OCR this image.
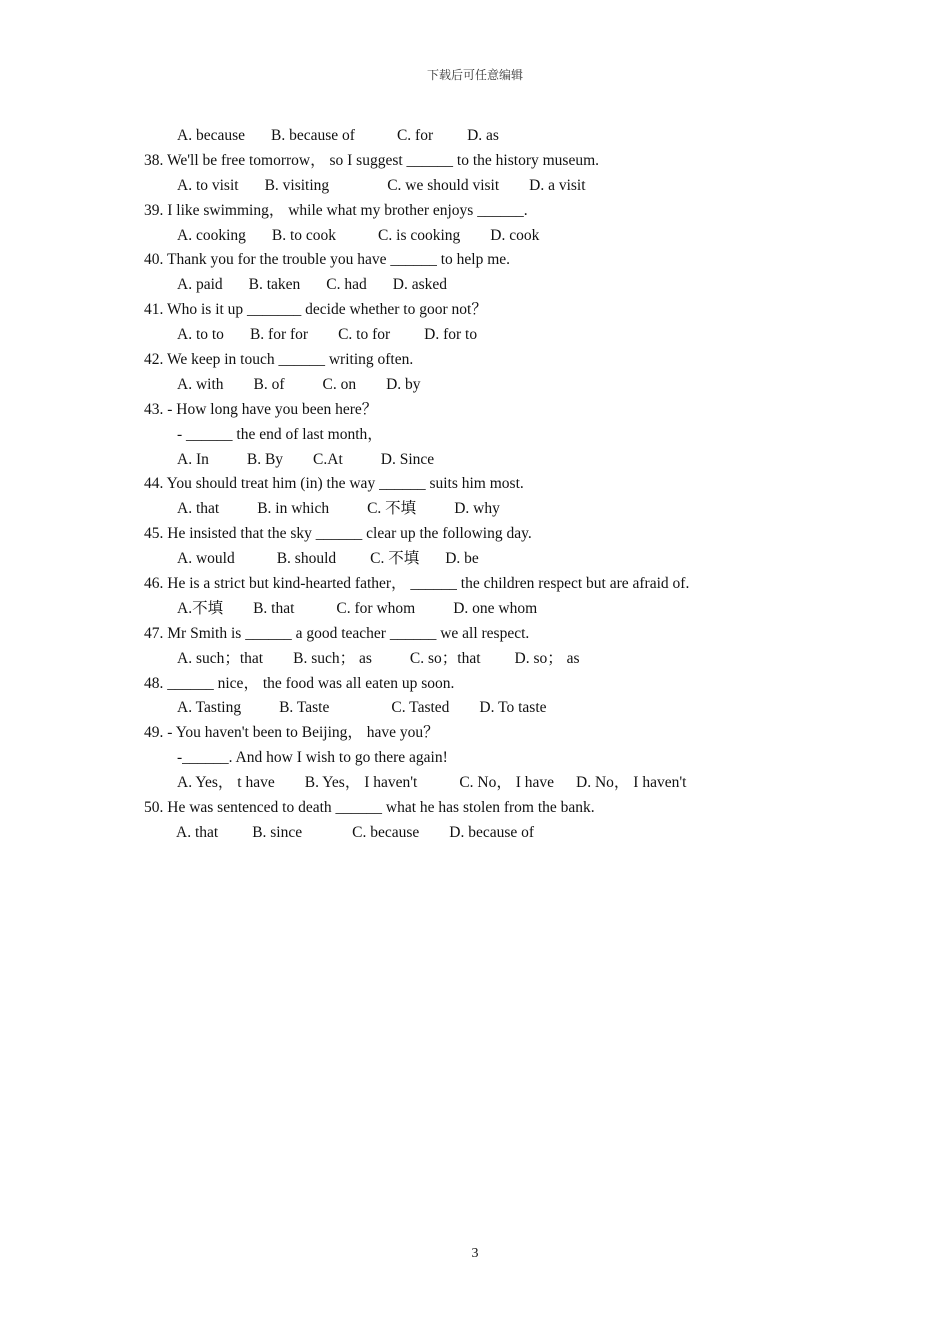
下载后可任意编辑
A. because B. because of	C. for D. as
38. We'll be free tomorrow， so I suggest ______ to the history museum.
A. to visit B. visiting	C. we should visit D. a visit
39. I like swimming， while what my brother enjoys ______.
A. cooking B. to cook	C. is cooking D. cook
40. Thank you for the trouble you have ______ to help me.
A. paid B. taken C. had D. asked
41. Who is it up _______ decide whether to goor not？
A. to to B. for for C. to for D. for to
42. We keep in touch ______ writing often.
A. with B. of C. on D. by
43. - How long have you been here？
- ______ the end of last month，
A. In B. By C.At D. Since
44. You should treat him (in) the way ______ suits him most.
A. that B. in which C. 不填 D. why
45. He insisted that the sky ______ clear up the following day.
A. would	B. should C. 不填 D. be
46. He is a strict but kind-hearted father， ______ the children respect but are afraid of.
A.不填 B. that	C. for whom D. one whom
47. Mr Smith is ______ a good teacher ______ we all respect.
A. such；that B. such； as C. so；that D. so； as
48. ______ nice， the food was all eaten up soon.
A. Tasting B. Taste	C. Tasted D. To taste
49. - You haven't been to Beijing， have you？
-______. And how I wish to go there again!
A. Yes， t have B. Yes， I haven't	C. No， I have D. No， I haven't
50. He was sentenced to death ______ what he has stolen from the bank.
A. that B. since	C. because D. because of
3
